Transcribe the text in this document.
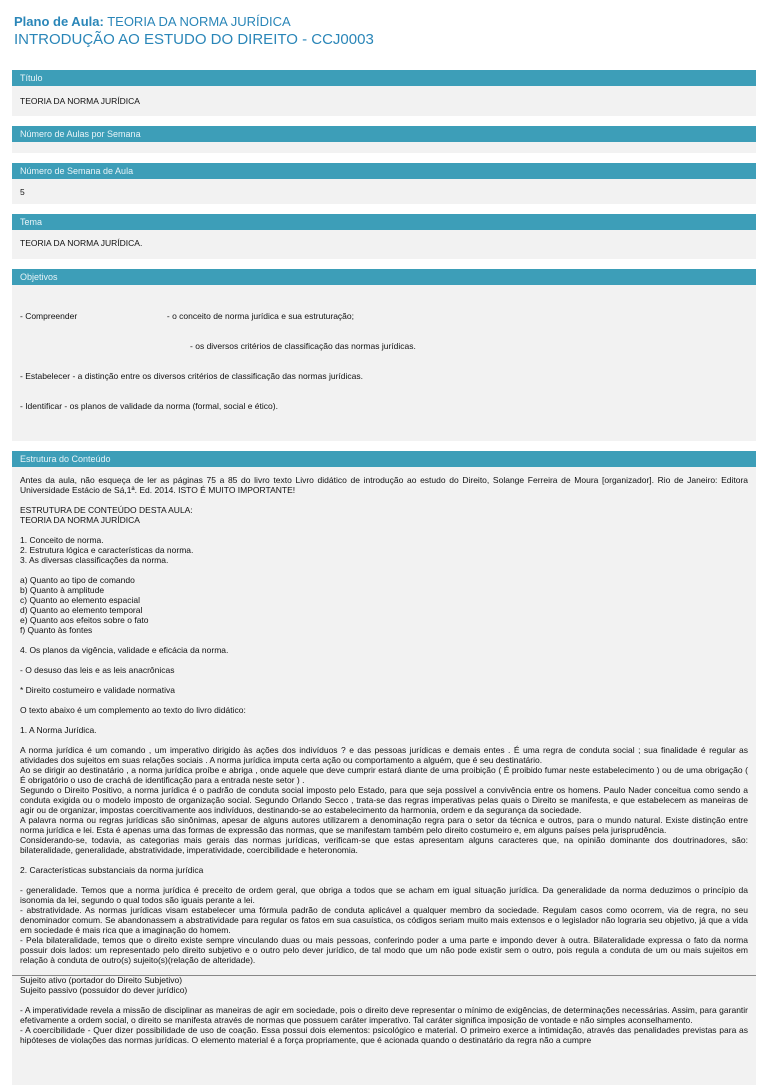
Plano de Aula: TEORIA DA NORMA JURÍDICA
INTRODUÇÃO AO ESTUDO DO DIREITO - CCJ0003
Título
TEORIA DA NORMA JURÍDICA
Número de Aulas por Semana
Número de Semana de Aula
5
Tema
TEORIA DA NORMA JURÍDICA.
Objetivos

- Compreender                                      - o conceito de norma jurídica e sua estruturação;

- os diversos critérios de classificação das normas jurídicas.

- Estabelecer - a distinção entre os diversos critérios de classificação das normas jurídicas.

- Identificar - os planos de validade da norma (formal, social e ético).

Estrutura do Conteúdo

Antes da aula, não esqueça de ler as páginas 75 a 85 do livro texto Livro didático de introdução ao estudo do Direito, Solange Ferreira de Moura [organizador]. Rio de Janeiro: Editora Universidade Estácio de Sá,1ª. Ed. 2014. ISTO É MUITO IMPORTANTE!

ESTRUTURA DE CONTEÚDO DESTA AULA:

TEORIA DA NORMA JURÍDICA

1. Conceito de norma.

2. Estrutura lógica e características da norma.

3. As diversas classificações da norma.

a) Quanto ao tipo de comando

b) Quanto à amplitude

c) Quanto ao elemento espacial

d) Quanto ao elemento temporal

e) Quanto aos efeitos sobre o fato

f) Quanto às fontes

4. Os planos da vigência, validade e eficácia da norma.

- O desuso das leis e as leis anacrônicas

* Direito costumeiro e validade normativa

O texto abaixo é um complemento ao texto do livro didático:

1. A Norma Jurídica.

A norma jurídica é um comando , um imperativo dirigido às ações dos indivíduos ? e das pessoas jurídicas e demais entes . É uma regra de conduta social ; sua finalidade é regular as atividades dos sujeitos em suas relações sociais . A norma jurídica imputa certa ação ou comportamento a alguém, que é seu destinatário.

Ao se dirigir ao destinatário , a norma jurídica proíbe e abriga , onde aquele que deve cumprir estará diante de uma proibição ( É proibido fumar neste estabelecimento ) ou de uma obrigação ( É obrigatório o uso de crachá de identificação para a entrada neste setor ) .

Segundo o Direito Positivo, a norma jurídica é o padrão de conduta social imposto pelo Estado, para que seja possível a convivência entre os homens. Paulo Nader conceitua como sendo a conduta exigida ou o modelo imposto de organização social. Segundo Orlando Secco , trata-se das regras imperativas pelas quais o Direito se manifesta, e que estabelecem as maneiras de agir ou de organizar, impostas coercitivamente aos indivíduos, destinando-se ao estabelecimento da harmonia, ordem e da segurança da sociedade.

A palavra norma ou regras jurídicas são sinônimas, apesar de alguns autores utilizarem a denominação regra para o setor da técnica e outros, para o mundo natural. Existe distinção entre norma jurídica e lei. Esta é apenas uma das formas de expressão das normas, que se manifestam também pelo direito costumeiro e, em alguns países pela jurisprudência.

Considerando-se, todavia, as categorias mais gerais das normas jurídicas, verificam-se que estas apresentam alguns caracteres que, na opinião dominante dos doutrinadores, são: bilateralidade, generalidade, abstratividade, imperatividade, coercibilidade e heteronomia.

2. Características substanciais da norma jurídica

- generalidade. Temos que a norma jurídica é preceito de ordem geral, que obriga a todos que se acham em igual situação jurídica. Da generalidade da norma deduzimos o princípio da isonomia da lei, segundo o qual todos são iguais perante a lei.

- abstratividade. As normas jurídicas visam estabelecer uma fórmula padrão de conduta aplicável a qualquer membro da sociedade. Regulam casos como ocorrem, via de regra, no seu denominador comum. Se abandonassem a abstratividade para regular os fatos em sua casuística, os códigos seriam muito mais extensos e o legislador não lograria seu objetivo, já que a vida em sociedade é mais rica que a imaginação do homem.

- Pela bilateralidade, temos que o direito existe sempre vinculando duas ou mais pessoas, conferindo poder a uma parte e impondo dever à outra. Bilateralidade expressa o fato da norma possuir dois lados: um representado pelo direito subjetivo e o outro pelo dever jurídico, de tal modo que um não pode existir sem o outro, pois regula a conduta de um ou mais sujeitos em relação à conduta de outro(s) sujeito(s)(relação de alteridade).

Sujeito ativo (portador do Direito Subjetivo)

Sujeito passivo (possuidor do dever jurídico)

- A imperatividade revela a missão de disciplinar as maneiras de agir em sociedade, pois o direito deve representar o mínimo de exigências, de determinações necessárias. Assim, para garantir efetivamente a ordem social, o direito se manifesta através de normas que possuem caráter imperativo. Tal caráter significa imposição de vontade e não simples aconselhamento.

- A coercibilidade - Quer dizer possibilidade de uso de coação. Essa possui dois elementos: psicológico e material. O primeiro exerce a intimidação, através das penalidades previstas para as hipóteses de violações das normas jurídicas. O elemento material é a força propriamente, que é acionada quando o destinatário da regra não a cumpre
